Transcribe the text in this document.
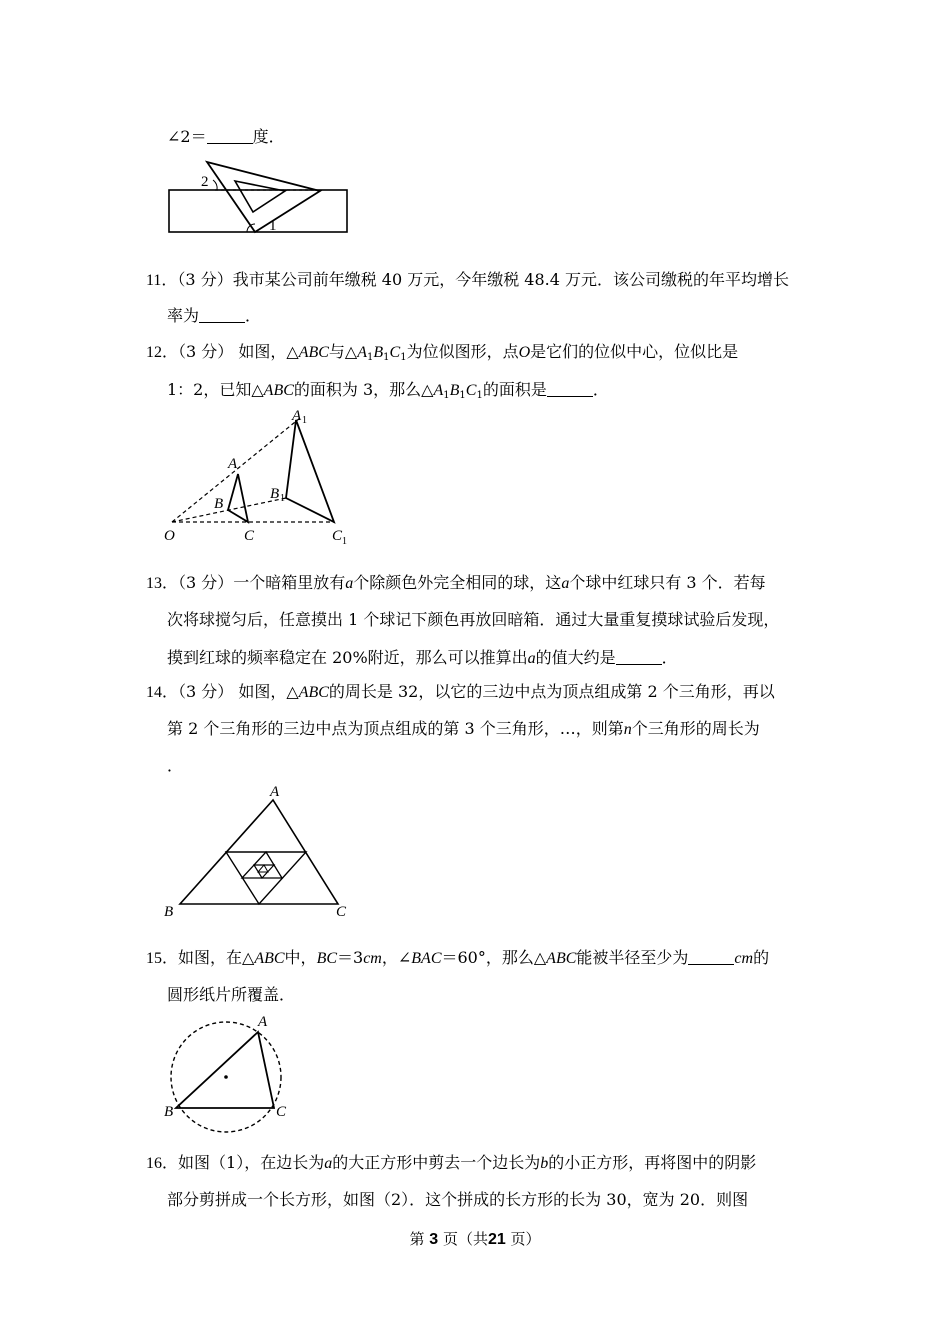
∠2＝	度．
2
1
11．（3 分）我市某公司前年缴税 40 万元，今年缴税 48.4 万元．该公司缴税的年平均增长
率为	．
12．（3 分） 如图，△ABC与$\triangle A_1B_1C_1$为位似图形，点O是它们的位似中心，位似比是
1：2，已知△ABC的面积为 3，那么$\triangle A_1B_1C_1$的面积是	．
O
A
B
C
A 1
B 1
C 1
13．（3 分）一个暗箱里放有a个除颜色外完全相同的球，这a个球中红球只有 3 个．若每
次将球搅匀后，任意摸出 1 个球记下颜色再放回暗箱．通过大量重复摸球试验后发现，
摸到红球的频率稳定在 20%附近，那么可以推算出a的值大约是	．
14．（3 分） 如图，△ABC的周长是 32，以它的三边中点为顶点组成第 2 个三角形，再以
第 2 个三角形的三边中点为顶点组成的第 3 个三角形，…，则第n个三角形的周长为
．
A
B	C
15．如图，在△ABC中，BC＝3cm，∠BAC＝60°，那么△ABC能被半径至少为	cm的
圆形纸片所覆盖．
A
B	C
16．如图（1），在边长为a的大正方形中剪去一个边长为b的小正方形，再将图中的阴影
部分剪拼成一个长方形，如图（2）．这个拼成的长方形的长为 30，宽为 20．则图
第 3 页（共21 页）
